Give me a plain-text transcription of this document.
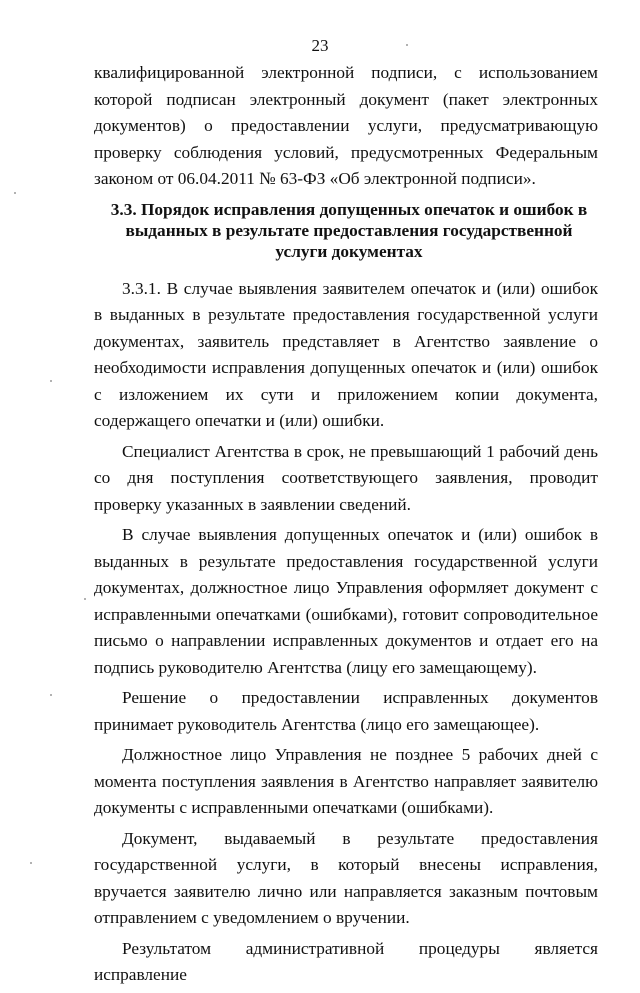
23

квалифицированной электронной подписи, с использованием которой подписан электронный документ (пакет электронных документов) о предоставлении услуги, предусматривающую проверку соблюдения условий, предусмотренных Федеральным законом от 06.04.2011 № 63-ФЗ «Об электронной подписи».

3.3. Порядок исправления допущенных опечаток и ошибок в выданных в результате предоставления государственной услуги документах

3.3.1. В случае выявления заявителем опечаток и (или) ошибок в выданных в результате предоставления государственной услуги документах, заявитель представляет в Агентство заявление о необходимости исправления допущенных опечаток и (или) ошибок с изложением их сути и приложением копии документа, содержащего опечатки и (или) ошибки.

Специалист Агентства в срок, не превышающий 1 рабочий день со дня поступления соответствующего заявления, проводит проверку указанных в заявлении сведений.

В случае выявления допущенных опечаток и (или) ошибок в выданных в результате предоставления государственной услуги документах, должностное лицо Управления оформляет документ с исправленными опечатками (ошибками), готовит сопроводительное письмо о направлении исправленных документов и отдает его на подпись руководителю Агентства (лицу его замещающему).

Решение о предоставлении исправленных документов принимает руководитель Агентства (лицо его замещающее).

Должностное лицо Управления не позднее 5 рабочих дней с момента поступления заявления в Агентство направляет заявителю документы с исправленными опечатками (ошибками).

Документ, выдаваемый в результате предоставления государственной услуги, в который внесены исправления, вручается заявителю лично или направляется заказным почтовым отправлением с уведомлением о вручении.

Результатом административной процедуры является исправление
